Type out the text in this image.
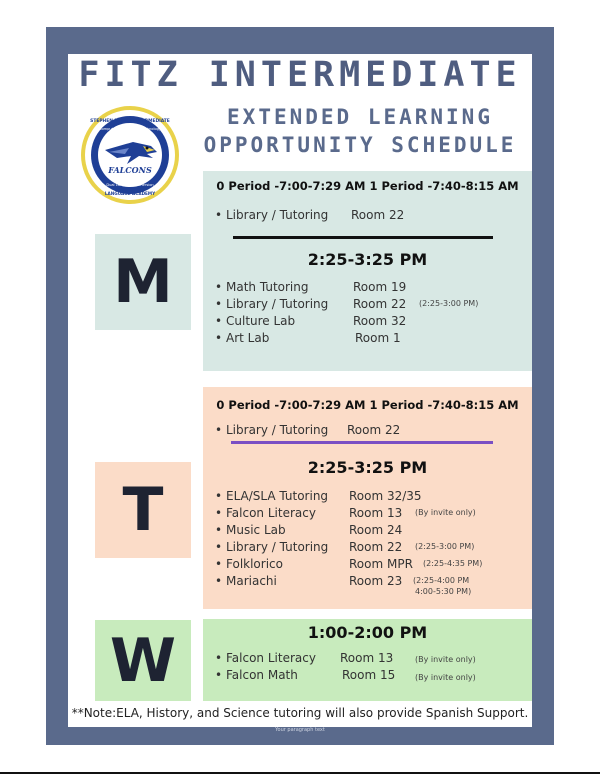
FITZ INTERMEDIATE
EXTENDED LEARNING
OPPORTUNITY SCHEDULE
FALCONS
STEPHEN R. FITZ INTERMEDIATE
Computer Science and Technology
Dual Language Immersion
LANGUAGE ACADEMY
M
T
W
0 Period -7:00-7:29 AM 1 Period -7:40-8:15 AM
• Library / Tutoring Room 22
2:25-3:25 PM
• Math Tutoring	Room 19
• Library / Tutoring Room 22 (2:25-3:00 PM)
• Culture Lab	Room 32
• Art Lab	Room 1
0 Period -7:00-7:29 AM 1 Period -7:40-8:15 AM
• Library / Tutoring Room 22
2:25-3:25 PM
• ELA/SLA Tutoring Room 32/35
• Falcon Literacy	Room 13 (By invite only)
• Music Lab	Room 24
• Library / Tutoring Room 22 (2:25-3:00 PM)
• Folklorico	Room MPR (2:25-4:35 PM)
• Mariachi	Room 23 (2:25-4:00 PM
4:00-5:30 PM)
1:00-2:00 PM
• Falcon Literacy Room 13	(By invite only)
• Falcon Math	Room 15 (By invite only)
**Note:ELA, History, and Science tutoring will also provide Spanish Support.
Your paragraph text
